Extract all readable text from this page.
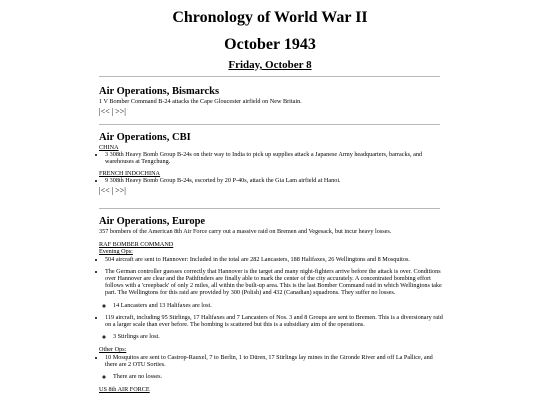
Chronology of World War II
October 1943
Friday, October 8
Air Operations, Bismarcks

1 V Bomber Command B-24 attacks the Cape Gloucester airfield on New Britain.

|<< | >>|
Air Operations, CBI
CHINA
• 3 308th Heavy Bomb Group B-24s on their way to India to pick up supplies attack a Japanese Army headquarters, barracks, and warehouses at Tengchung.
FRENCH INDOCHINA
• 9 308th Heavy Bomb Group B-24s, escorted by 20 P-40s, attack the Gia Lam airfield at Hanoi.
|<< | >>|
Air Operations, Europe

357 bombers of the American 8th Air Force carry out a massive raid on Bremen and Vegesack, but incur heavy losses.

RAF BOMBER COMMAND
Evening Ops:
• 504 aircraft are sent to Hannover: Included in the total are 282 Lancasters, 188 Halifaxes, 26 Wellingtons and 8 Mosquitos.
• The German controller guesses correctly that Hannover is the target and many night-fighters arrive before the attack is over. Conditions over Hannover are clear and the Pathfinders are finally able to mark the center of the city accurately. A concentrated bombing effort follows with a 'creepback' of only 2 miles, all within the built-up area. This is the last Bomber Command raid in which Wellingtons take part. The Wellingtons for this raid are provided by 300 (Polish) and 432 (Canadian) squadrons. They suffer no losses.
◦ 14 Lancasters and 13 Halifaxes are lost.
• 119 aircraft, including 95 Stirlings, 17 Halifaxes and 7 Lancasters of Nos. 3 and 8 Groups are sent to Bremen. This is a diversionary raid on a larger scale than ever before. The bombing is scattered but this is a subsidiary aim of the operations.
◦ 3 Stirlings are lost.
Other Ops:
• 10 Mosquitos are sent to Castrop-Rauxel, 7 to Berlin, 1 to Düren, 17 Stirlings lay mines in the Gironde River and off La Pallice, and there are 2 OTU Sorties.
◦ There are no losses.
US 8th AIR FORCE
